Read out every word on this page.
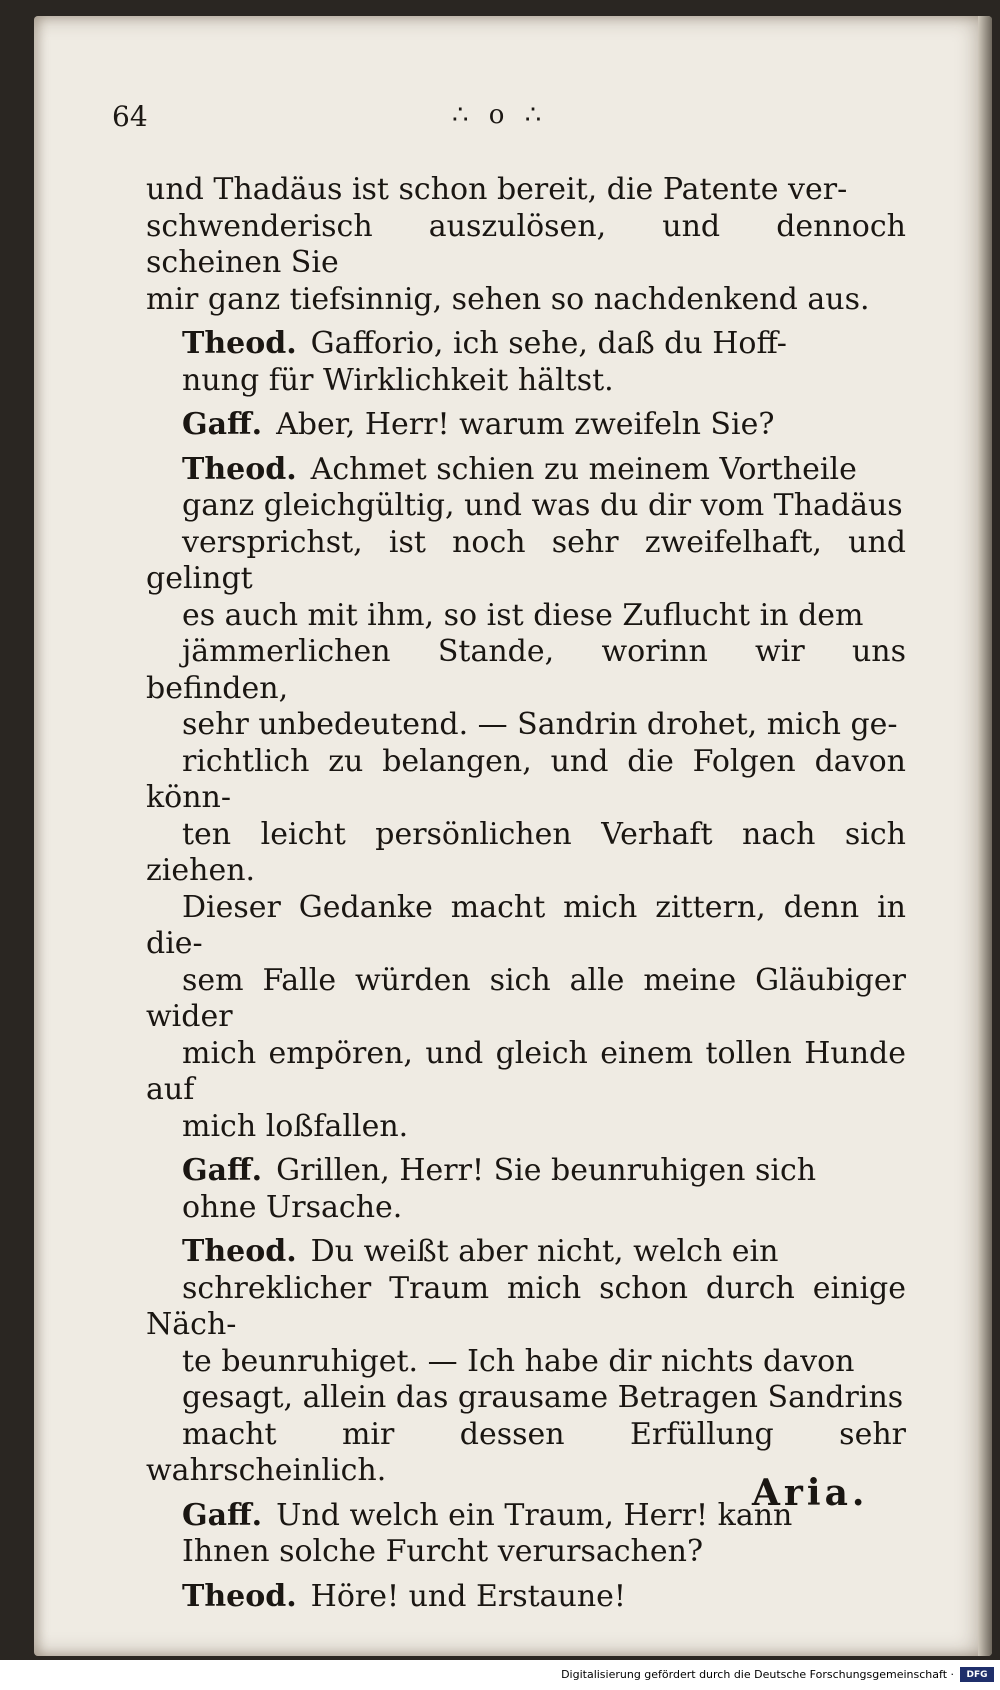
64	∴ o ∴

und Thadäus ist schon bereit, die Patente ver-
schwenderisch auszulösen, und dennoch scheinen Sie
mir ganz tiefsinnig, sehen so nachdenkend aus.

Theod. Gafforio, ich sehe, daß du Hoff-
nung für Wirklichkeit hältst.

Gaff. Aber, Herr! warum zweifeln Sie?

Theod. Achmet schien zu meinem Vortheile
ganz gleichgültig, und was du dir vom Thadäus
versprichst, ist noch sehr zweifelhaft, und gelingt
es auch mit ihm, so ist diese Zuflucht in dem
jämmerlichen Stande, worinn wir uns befinden,
sehr unbedeutend. — Sandrin drohet, mich ge-
richtlich zu belangen, und die Folgen davon könn-
ten leicht persönlichen Verhaft nach sich ziehen.
Dieser Gedanke macht mich zittern, denn in die-
sem Falle würden sich alle meine Gläubiger wider
mich empören, und gleich einem tollen Hunde auf
mich loßfallen.

Gaff. Grillen, Herr! Sie beunruhigen sich
ohne Ursache.

Theod. Du weißt aber nicht, welch ein
schreklicher Traum mich schon durch einige Näch-
te beunruhiget. — Ich habe dir nichts davon
gesagt, allein das grausame Betragen Sandrins
macht mir dessen Erfüllung sehr wahrscheinlich.

Gaff. Und welch ein Traum, Herr! kann
Ihnen solche Furcht verursachen?

Theod. Höre! und Erstaune!

Aria.
Digitalisierung gefördert durch die Deutsche Forschungsgemeinschaft ·	DFG
